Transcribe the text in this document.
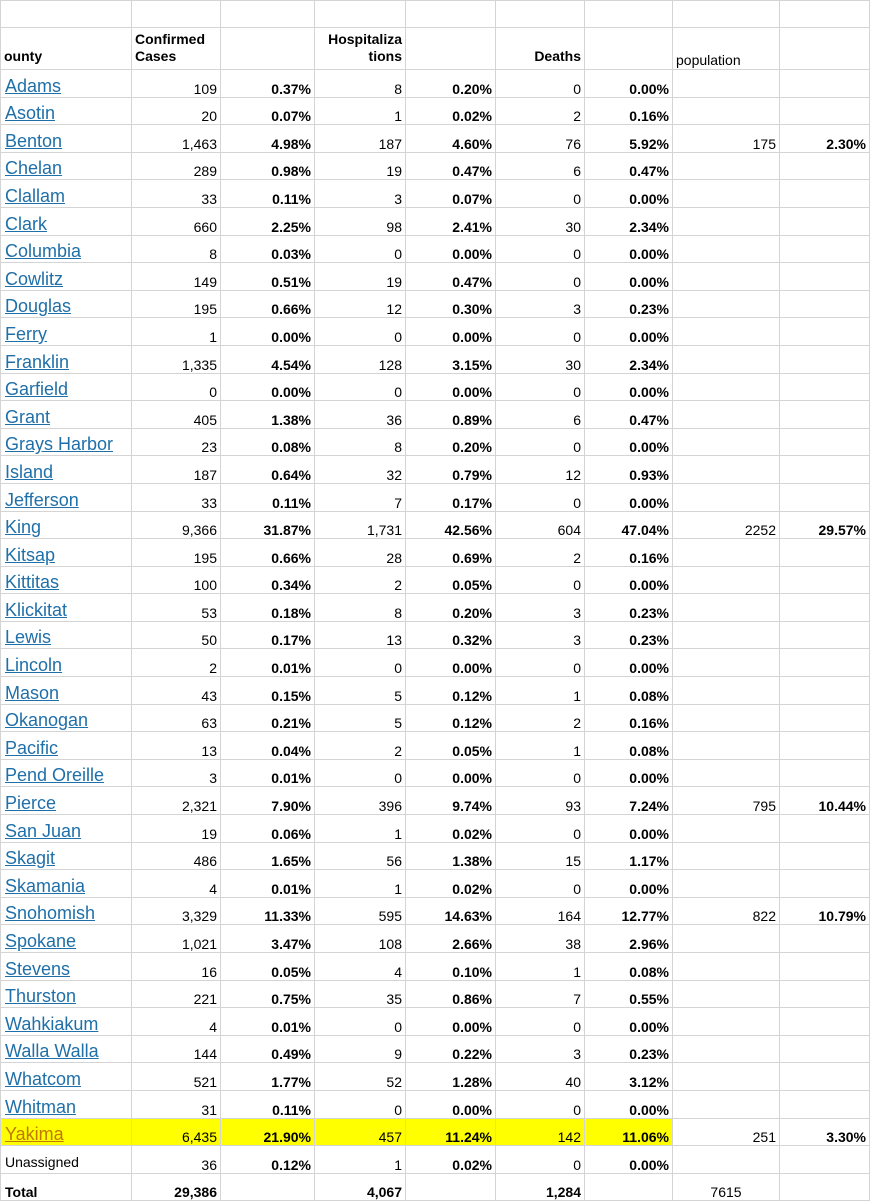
ounty	Confirmed Cases		Hospitaliza tions		Deaths		population	
Adams	109	0.37%	8	0.20%	0	0.00%		
Asotin	20	0.07%	1	0.02%	2	0.16%		
Benton	1,463	4.98%	187	4.60%	76	5.92%	175	2.30%
Chelan	289	0.98%	19	0.47%	6	0.47%		
Clallam	33	0.11%	3	0.07%	0	0.00%		
Clark	660	2.25%	98	2.41%	30	2.34%		
Columbia	8	0.03%	0	0.00%	0	0.00%		
Cowlitz	149	0.51%	19	0.47%	0	0.00%		
Douglas	195	0.66%	12	0.30%	3	0.23%		
Ferry	1	0.00%	0	0.00%	0	0.00%		
Franklin	1,335	4.54%	128	3.15%	30	2.34%		
Garfield	0	0.00%	0	0.00%	0	0.00%		
Grant	405	1.38%	36	0.89%	6	0.47%		
Grays Harbor	23	0.08%	8	0.20%	0	0.00%		
Island	187	0.64%	32	0.79%	12	0.93%		
Jefferson	33	0.11%	7	0.17%	0	0.00%		
King	9,366	31.87%	1,731	42.56%	604	47.04%	2252	29.57%
Kitsap	195	0.66%	28	0.69%	2	0.16%		
Kittitas	100	0.34%	2	0.05%	0	0.00%		
Klickitat	53	0.18%	8	0.20%	3	0.23%		
Lewis	50	0.17%	13	0.32%	3	0.23%		
Lincoln	2	0.01%	0	0.00%	0	0.00%		
Mason	43	0.15%	5	0.12%	1	0.08%		
Okanogan	63	0.21%	5	0.12%	2	0.16%		
Pacific	13	0.04%	2	0.05%	1	0.08%		
Pend Oreille	3	0.01%	0	0.00%	0	0.00%		
Pierce	2,321	7.90%	396	9.74%	93	7.24%	795	10.44%
San Juan	19	0.06%	1	0.02%	0	0.00%		
Skagit	486	1.65%	56	1.38%	15	1.17%		
Skamania	4	0.01%	1	0.02%	0	0.00%		
Snohomish	3,329	11.33%	595	14.63%	164	12.77%	822	10.79%
Spokane	1,021	3.47%	108	2.66%	38	2.96%		
Stevens	16	0.05%	4	0.10%	1	0.08%		
Thurston	221	0.75%	35	0.86%	7	0.55%		
Wahkiakum	4	0.01%	0	0.00%	0	0.00%		
Walla Walla	144	0.49%	9	0.22%	3	0.23%		
Whatcom	521	1.77%	52	1.28%	40	3.12%		
Whitman	31	0.11%	0	0.00%	0	0.00%		
Yakima	6,435	21.90%	457	11.24%	142	11.06%	251	3.30%
Unassigned	36	0.12%	1	0.02%	0	0.00%		
Total	29,386		4,067		1,284		7615	
